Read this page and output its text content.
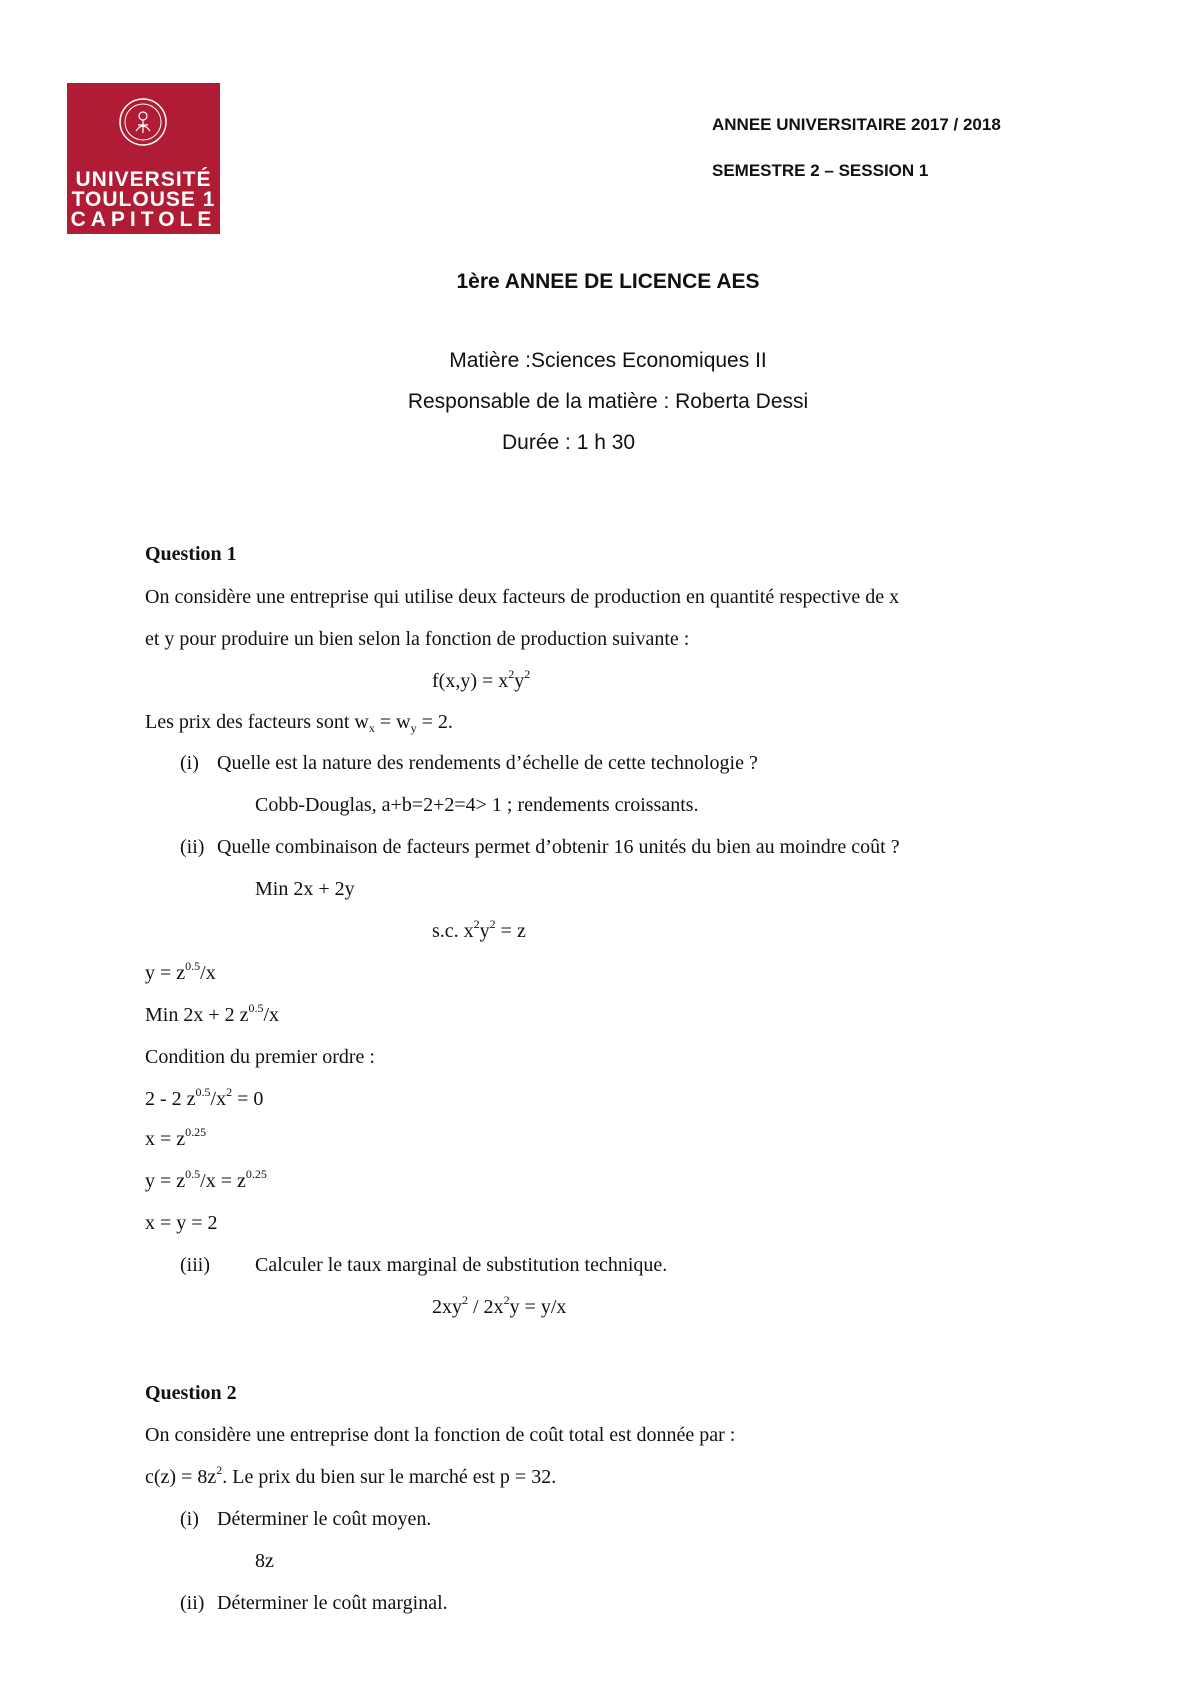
UNIVERSITÉ
TOULOUSE 1
CAPITOLE
ANNEE UNIVERSITAIRE 2017 / 2018
SEMESTRE 2 – SESSION 1
1ère ANNEE DE LICENCE AES
Matière :Sciences Economiques II
Responsable de la matière : Roberta Dessi
Durée : 1 h 30
Question 1
On considère une entreprise qui utilise deux facteurs de production en quantité respective de x
et y pour produire un bien selon la fonction de production suivante :
$f(x,y) = x^2y^2$
Les prix des facteurs sont $w_x = w_y = 2$.
(i) Quelle est la nature des rendements d’échelle de cette technologie ?
Cobb-Douglas, a+b=2+2=4> 1 ; rendements croissants.
(ii) Quelle combinaison de facteurs permet d’obtenir 16 unités du bien au moindre coût ?
Min 2x + 2y
s.c. $x^2y^2 = z$
$y = z^{0.5}/x$
Min 2x + 2 $z^{0.5}/x$
Condition du premier ordre :
2 - 2 $z^{0.5}/x^2 = 0$
$x = z^{0.25}$
$y = z^{0.5}/x = z^{0.25}$
x = y = 2
(iii) Calculer le taux marginal de substitution technique.
$2xy^2 / 2x^2y = y/x$
Question 2
On considère une entreprise dont la fonction de coût total est donnée par :
$c(z) = 8z^2$. Le prix du bien sur le marché est p = 32.
(i) Déterminer le coût moyen.
8z
(ii) Déterminer le coût marginal.
